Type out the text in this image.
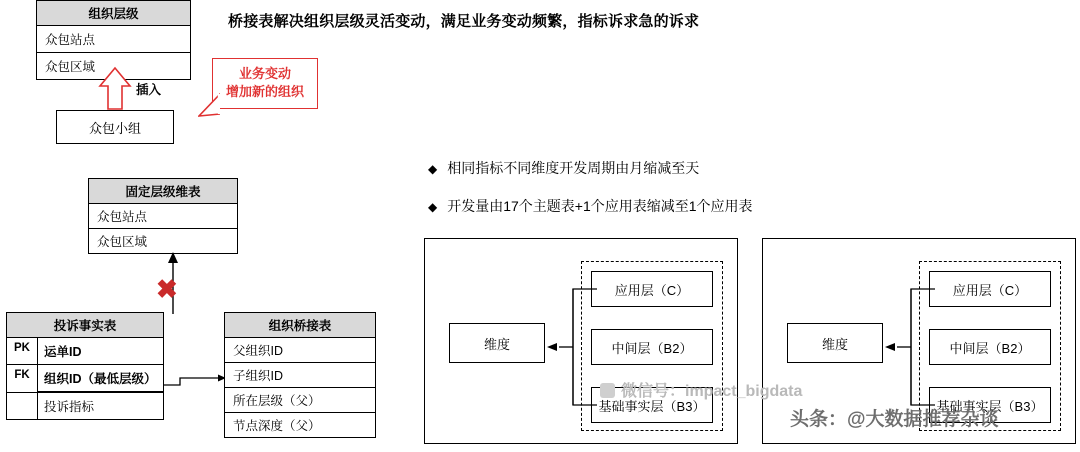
桥接表解决组织层级灵活变动，满足业务变动频繁，指标诉求急的诉求
组织层级
众包站点
众包区域
插入
业务变动
增加新的组织
众包小组
固定层级维表
众包站点
众包区域
✖
投诉事实表
PK	运单ID
FK	组织ID（最低层级）
投诉指标
组织桥接表
父组织ID
子组织ID
所在层级（父）
节点深度（父）
◆ 相同指标不同维度开发周期由月缩减至天
◆ 开发量由17个主题表+1个应用表缩减至1个应用表
维度
应用层（C）
中间层（B2）
基础事实层（B3）
维度
应用层（C）
中间层（B2）
基础事实层（B3）
微信号：impact_bigdata
头条：@大数据推荐杂谈
